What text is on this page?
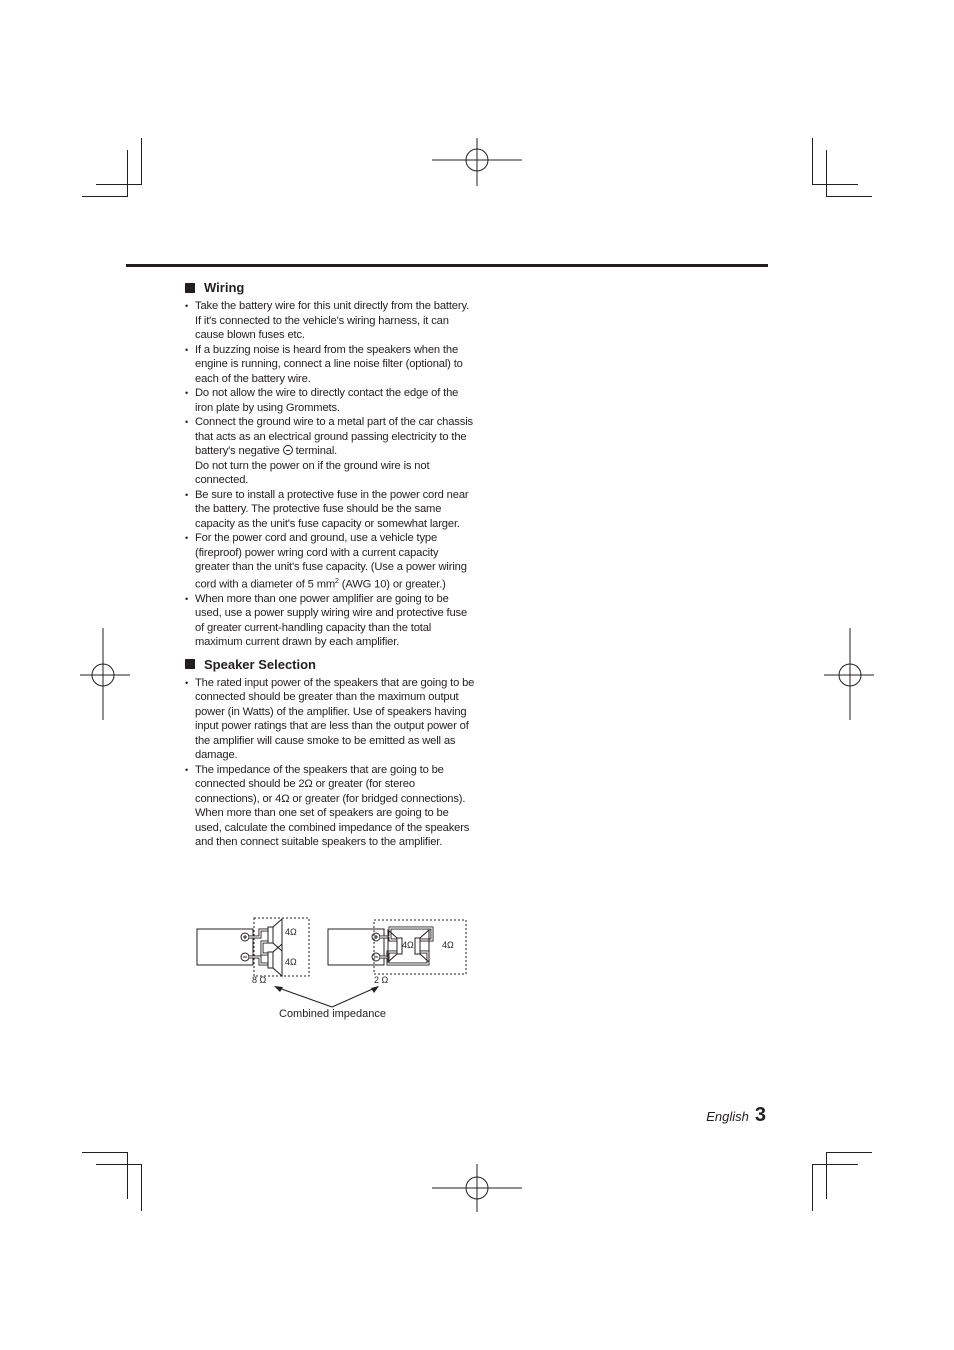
Wiring
• Take the battery wire for this unit directly from the battery. If it's connected to the vehicle's wiring harness, it can cause blown fuses etc.
• If a buzzing noise is heard from the speakers when the engine is running, connect a line noise filter (optional) to each of the battery wire.
• Do not allow the wire to directly contact the edge of the iron plate by using Grommets.
• Connect the ground wire to a metal part of the car chassis that acts as an electrical ground passing electricity to the battery's negative terminal.
Do not turn the power on if the ground wire is not connected.
• Be sure to install a protective fuse in the power cord near the battery. The protective fuse should be the same capacity as the unit's fuse capacity or somewhat larger.
• For the power cord and ground, use a vehicle type (fireproof) power wring cord with a current capacity greater than the unit's fuse capacity. (Use a power wiring cord with a diameter of 5 $mm^2$ (AWG 10) or greater.)
• When more than one power amplifier are going to be used, use a power supply wiring wire and protective fuse of greater current-handling capacity than the total maximum current drawn by each amplifier.
Speaker Selection
• The rated input power of the speakers that are going to be connected should be greater than the maximum output power (in Watts) of the amplifier. Use of speakers having input power ratings that are less than the output power of the amplifier will cause smoke to be emitted as well as damage.
• The impedance of the speakers that are going to be connected should be 2Ω or greater (for stereo connections), or 4Ω or greater (for bridged connections). When more than one set of speakers are going to be used, calculate the combined impedance of the speakers and then connect suitable speakers to the amplifier.
4Ω
4Ω
8 Ω
4Ω	4Ω
2 Ω
Combined impedance
English 3
